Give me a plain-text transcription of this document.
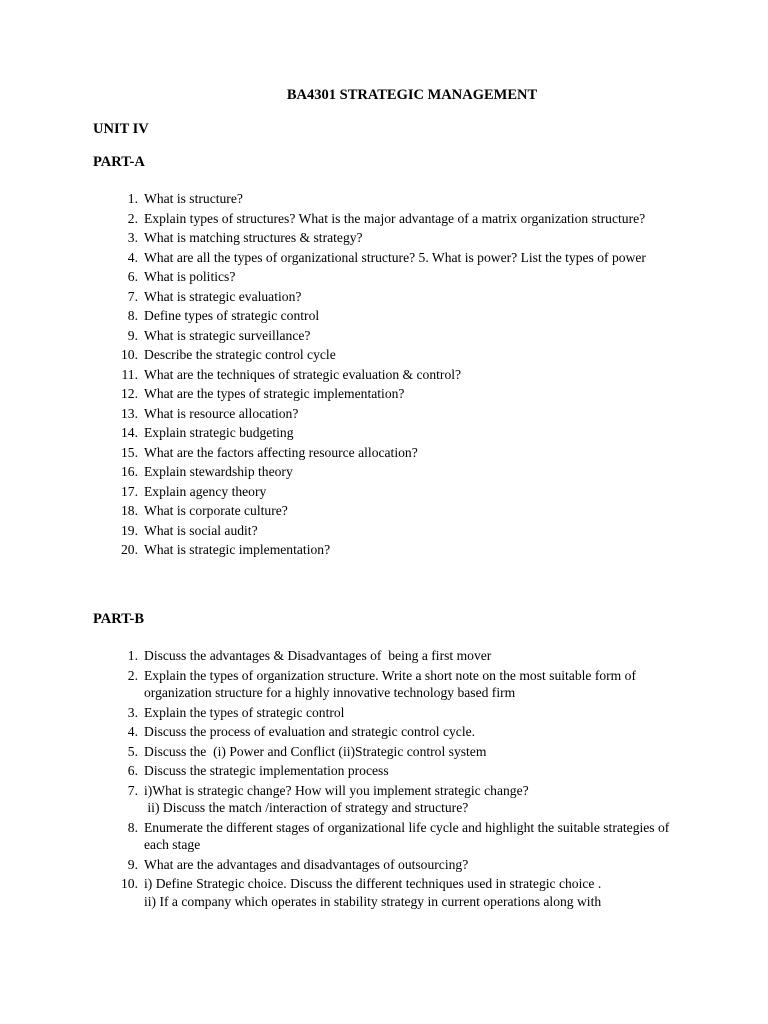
BA4301 STRATEGIC MANAGEMENT
UNIT IV
PART-A
1. What is structure?
2. Explain types of structures? What is the major advantage of a matrix organization structure?
3. What is matching structures & strategy?
4. What are all the types of organizational structure? 5. What is power? List the types of power
6. What is politics?
7. What is strategic evaluation?
8. Define types of strategic control
9. What is strategic surveillance?
10. Describe the strategic control cycle
11. What are the techniques of strategic evaluation & control?
12. What are the types of strategic implementation?
13. What is resource allocation?
14. Explain strategic budgeting
15. What are the factors affecting resource allocation?
16. Explain stewardship theory
17. Explain agency theory
18. What is corporate culture?
19. What is social audit?
20. What is strategic implementation?
PART-B
1. Discuss the advantages & Disadvantages of  being a first mover
2. Explain the types of organization structure. Write a short note on the most suitable form of organization structure for a highly innovative technology based firm
3. Explain the types of strategic control
4. Discuss the process of evaluation and strategic control cycle.
5. Discuss the  (i) Power and Conflict (ii)Strategic control system
6. Discuss the strategic implementation process
7. i)What is strategic change? How will you implement strategic change?
ii) Discuss the match /interaction of strategy and structure?
8. Enumerate the different stages of organizational life cycle and highlight the suitable strategies of each stage
9. What are the advantages and disadvantages of outsourcing?
10. i) Define Strategic choice. Discuss the different techniques used in strategic choice .
ii) If a company which operates in stability strategy in current operations along with
